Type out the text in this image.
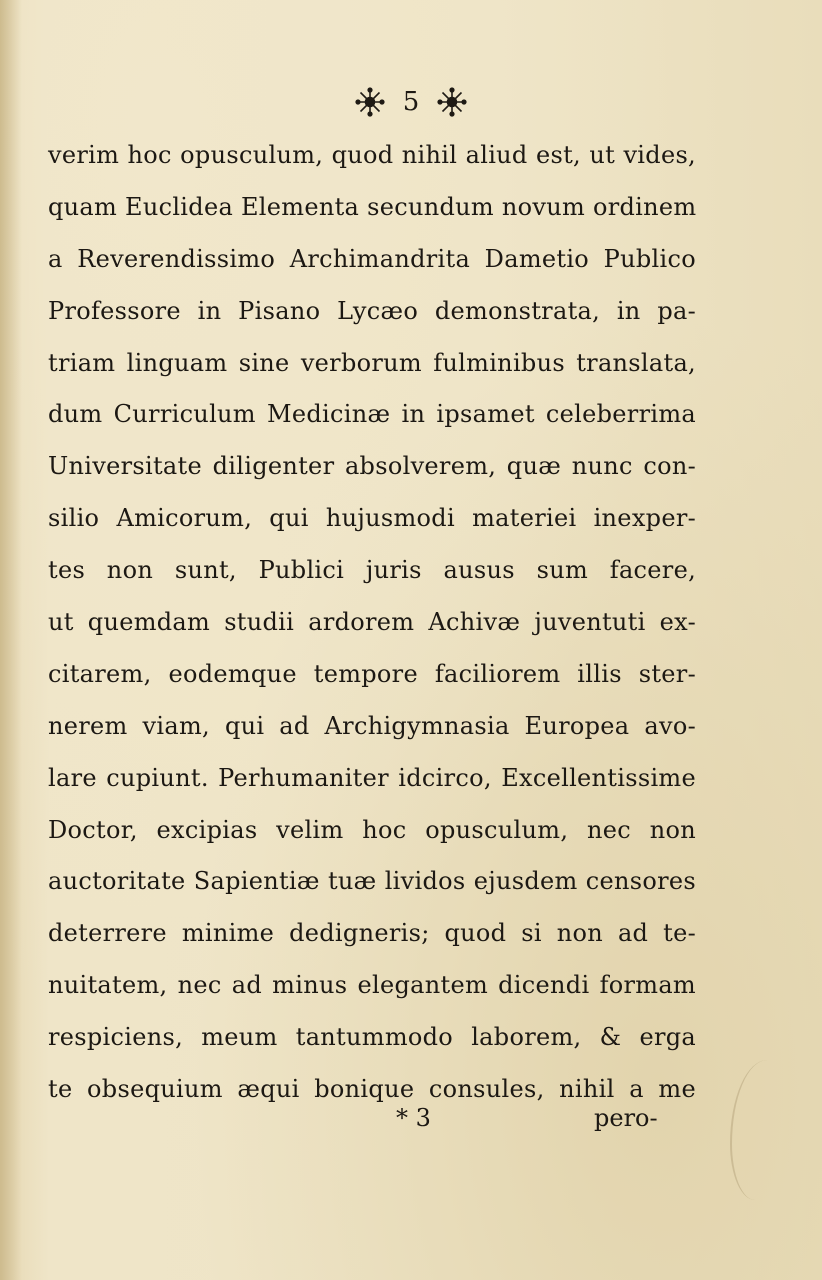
5
verim hoc opusculum, quod nihil aliud est, ut vides,
quam Euclidea Elementa secundum novum ordinem
a Reverendissimo Archimandrita Dametio Publico
Professore in Pisano Lycæo demonstrata, in pa-
triam linguam sine verborum fulminibus translata,
dum Curriculum Medicinæ in ipsamet celeberrima
Universitate diligenter absolverem, quæ nunc con-
silio Amicorum, qui hujusmodi materiei inexper-
tes non sunt, Publici juris ausus sum facere,
ut quemdam studii ardorem Achivæ juventuti ex-
citarem, eodemque tempore faciliorem illis ster-
nerem viam, qui ad Archigymnasia Europea avo-
lare cupiunt. Perhumaniter idcirco, Excellentissime
Doctor, excipias velim hoc opusculum, nec non
auctoritate Sapientiæ tuæ lividos ejusdem censores
deterrere minime dedigneris; quod si non ad te-
nuitatem, nec ad minus elegantem dicendi formam
respiciens, meum tantummodo laborem, & erga
te obsequium æqui bonique consules, nihil a me
* 3	pero-
